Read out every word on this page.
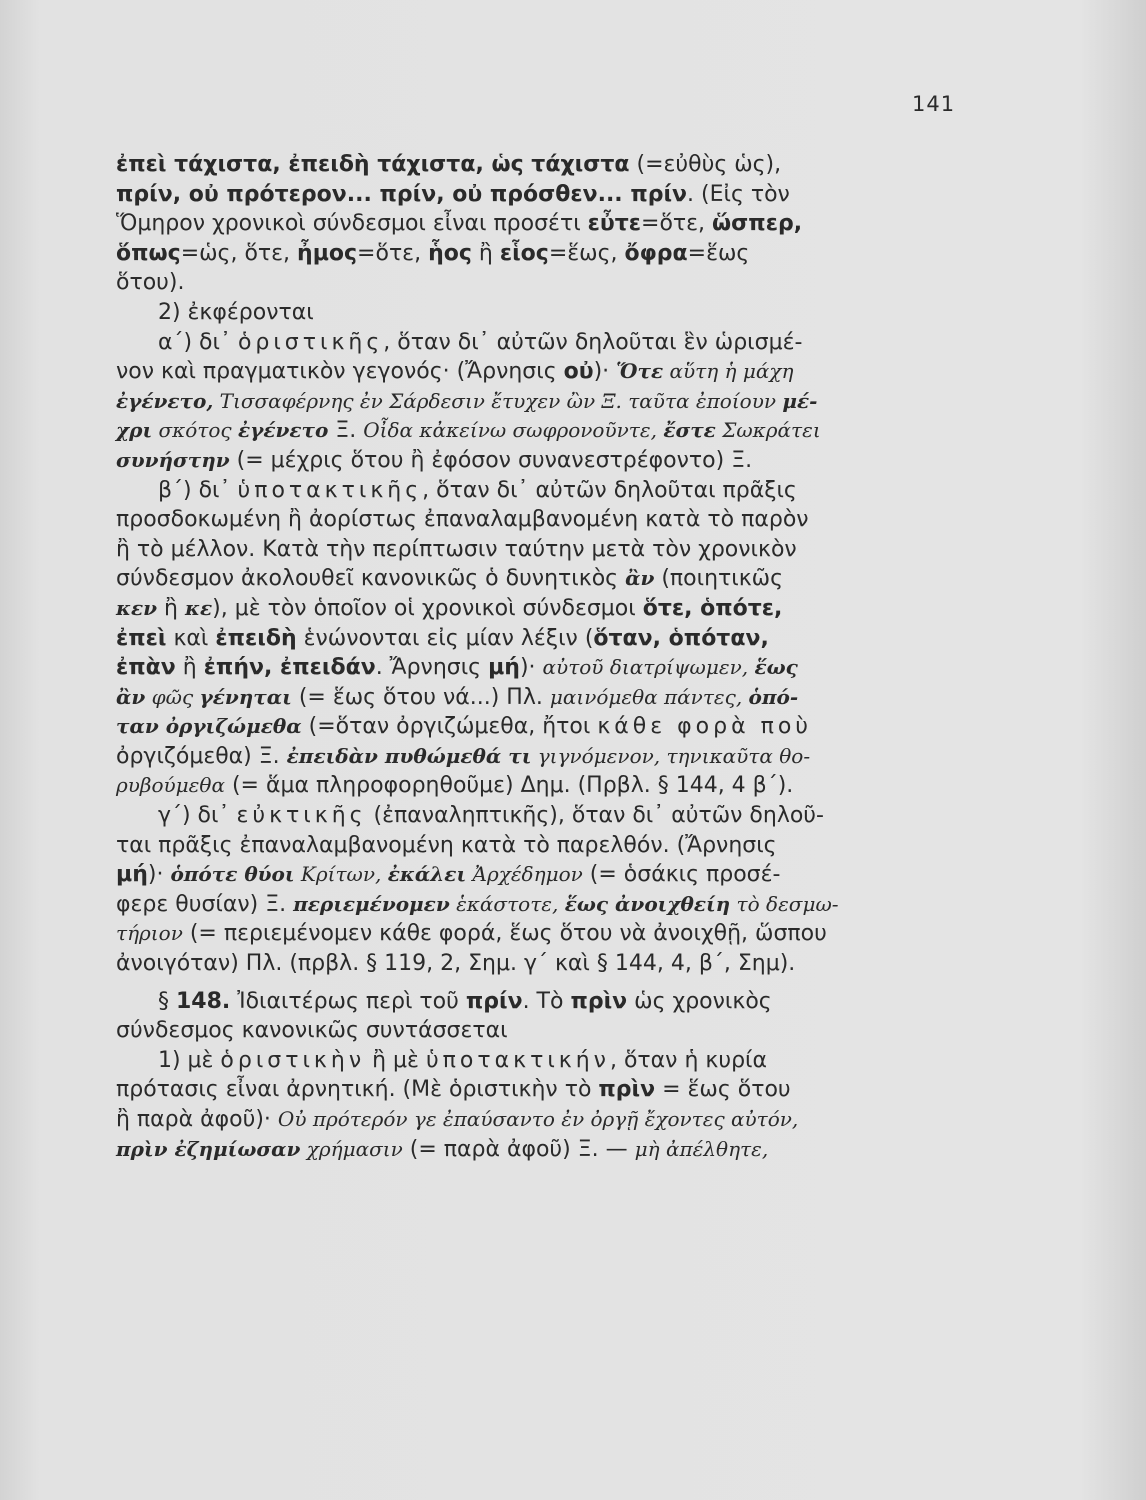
141
ἐπεὶ τάχιστα, ἐπειδὴ τάχιστα, ὡς τάχιστα (=εὐθὺς ὡς),
πρίν, οὐ πρότερον... πρίν, οὐ πρόσθεν... πρίν. (Εἰς τὸν
Ὅμηρον χρονικοὶ σύνδεσμοι εἶναι προσέτι εὖτε=ὅτε, ὥσπερ,
ὅπως=ὡς, ὅτε, ἦμος=ὅτε, ἧος ἢ εἷος=ἕως, ὄφρα=ἕως
ὅτου).
2) ἐκφέρονται
α΄) δι᾽ ὁριστικῆς, ὅταν δι᾽ αὐτῶν δηλοῦται ἓν ὡρισμέ-
νον καὶ πραγματικὸν γεγονός· (Ἄρνησις οὐ)· Ὅτε αὕτη ἡ μάχη
ἐγένετο, Τισσαφέρνης ἐν Σάρδεσιν ἔτυχεν ὢν Ξ. ταῦτα ἐποίουν μέ-
χρι σκότος ἐγένετο Ξ. Οἶδα κἀκείνω σωφρονοῦντε, ἔστε Σωκράτει
συνήστην (= μέχρις ὅτου ἢ ἐφόσον συνανεστρέφοντο) Ξ.
β΄) δι᾽ ὑποτακτικῆς, ὅταν δι᾽ αὐτῶν δηλοῦται πρᾶξις
προσδοκωμένη ἢ ἀορίστως ἐπαναλαμβανομένη κατὰ τὸ παρὸν
ἢ τὸ μέλλον. Κατὰ τὴν περίπτωσιν ταύτην μετὰ τὸν χρονικὸν
σύνδεσμον ἀκολουθεῖ κανονικῶς ὁ δυνητικὸς ἂν (ποιητικῶς
κεν ἢ κε), μὲ τὸν ὁποῖον οἱ χρονικοὶ σύνδεσμοι ὅτε, ὁπότε,
ἐπεὶ καὶ ἐπειδὴ ἑνώνονται εἰς μίαν λέξιν (ὅταν, ὁπόταν,
ἐπὰν ἢ ἐπήν, ἐπειδάν. Ἄρνησις μή)· αὐτοῦ διατρίψωμεν, ἕως
ἂν φῶς γένηται (= ἕως ὅτου νά...) Πλ. μαινόμεθα πάντες, ὁπό-
ταν ὀργιζώμεθα (=ὅταν ὀργιζώμεθα, ἤτοι κάθε φορὰ ποὺ
ὀργιζόμεθα) Ξ. ἐπειδὰν πυθώμεθά τι γιγνόμενον, τηνικαῦτα θο-
ρυβούμεθα (= ἅμα πληροφορηθοῦμε) Δημ. (Πρβλ. § 144, 4 β΄).
γ΄) δι᾽ εὐκτικῆς (ἐπαναληπτικῆς), ὅταν δι᾽ αὐτῶν δηλοῦ-
ται πρᾶξις ἐπαναλαμβανομένη κατὰ τὸ παρελθόν. (Ἄρνησις
μή)· ὁπότε θύοι Κρίτων, ἐκάλει Ἀρχέδημον (= ὁσάκις προσέ-
φερε θυσίαν) Ξ. περιεμένομεν ἑκάστοτε, ἕως ἀνοιχθείη τὸ δεσμω-
τήριον (= περιεμένομεν κάθε φορά, ἕως ὅτου νὰ ἀνοιχθῇ, ὥσπου
ἀνοιγόταν) Πλ. (πρβλ. § 119, 2, Σημ. γ΄ καὶ § 144, 4, β΄, Σημ).
§ 148. Ἰδιαιτέρως περὶ τοῦ πρίν. Τὸ πρὶν ὡς χρονικὸς
σύνδεσμος κανονικῶς συντάσσεται
1) μὲ ὁριστικὴν ἢ μὲ ὑποτακτικήν, ὅταν ἡ κυρία
πρότασις εἶναι ἀρνητική. (Μὲ ὁριστικὴν τὸ πρὶν = ἕως ὅτου
ἢ παρὰ ἀφοῦ)· Οὐ πρότερόν γε ἐπαύσαντο ἐν ὀργῇ ἔχοντες αὐτόν,
πρὶν ἐζημίωσαν χρήμασιν (= παρὰ ἀφοῦ) Ξ. — μὴ ἀπέλθητε,
